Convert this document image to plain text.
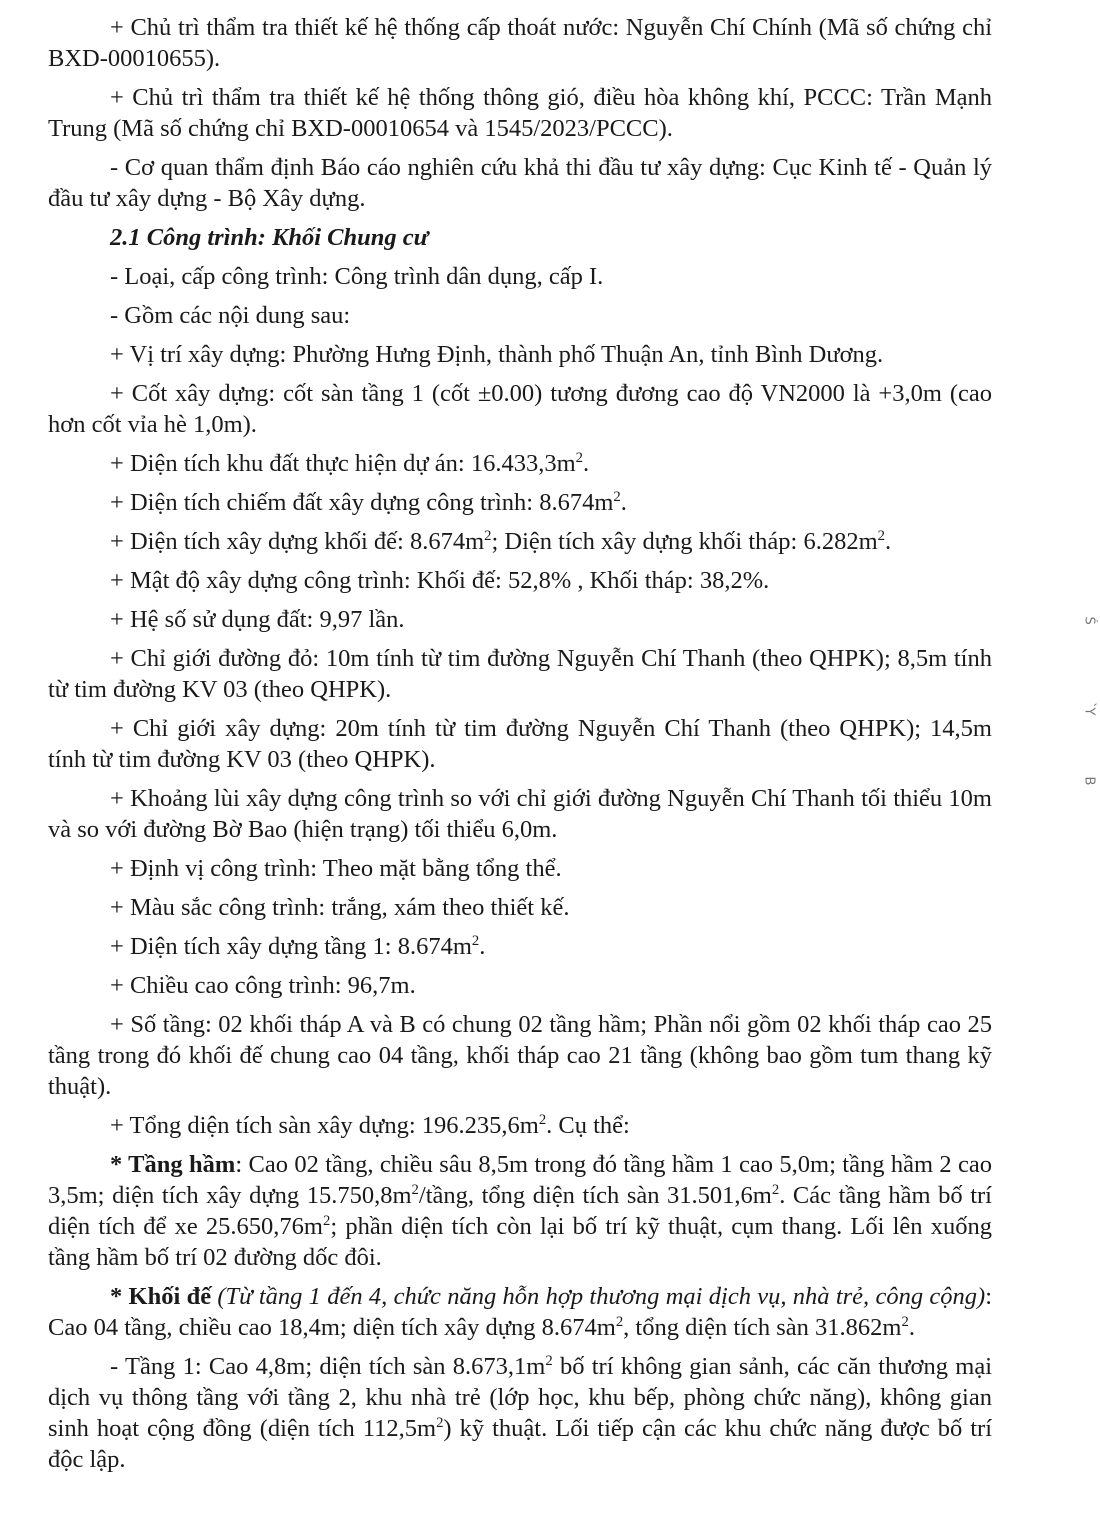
+ Chủ trì thẩm tra thiết kế hệ thống cấp thoát nước: Nguyễn Chí Chính (Mã số chứng chỉ BXD-00010655).

+ Chủ trì thẩm tra thiết kế hệ thống thông gió, điều hòa không khí, PCCC: Trần Mạnh Trung (Mã số chứng chỉ BXD-00010654 và 1545/2023/PCCC).

- Cơ quan thẩm định Báo cáo nghiên cứu khả thi đầu tư xây dựng: Cục Kinh tế - Quản lý đầu tư xây dựng - Bộ Xây dựng.

2.1 Công trình: Khối Chung cư

- Loại, cấp công trình: Công trình dân dụng, cấp I.

- Gồm các nội dung sau:

+ Vị trí xây dựng: Phường Hưng Định, thành phố Thuận An, tỉnh Bình Dương.

+ Cốt xây dựng: cốt sàn tầng 1 (cốt ±0.00) tương đương cao độ VN2000 là +3,0m (cao hơn cốt vỉa hè 1,0m).

+ Diện tích khu đất thực hiện dự án: $16.433,3m^2$.

+ Diện tích chiếm đất xây dựng công trình: $8.674m^2$.

+ Diện tích xây dựng khối đế: $8.674m^2$; Diện tích xây dựng khối tháp: $6.282m^2$.

+ Mật độ xây dựng công trình: Khối đế: 52,8% , Khối tháp: 38,2%.

+ Hệ số sử dụng đất: 9,97 lần.

+ Chỉ giới đường đỏ: 10m tính từ tim đường Nguyễn Chí Thanh (theo QHPK); 8,5m tính từ tim đường KV 03 (theo QHPK).

+ Chỉ giới xây dựng: 20m tính từ tim đường Nguyễn Chí Thanh (theo QHPK); 14,5m tính từ tim đường KV 03 (theo QHPK).

+ Khoảng lùi xây dựng công trình so với chỉ giới đường Nguyễn Chí Thanh tối thiểu 10m và so với đường Bờ Bao (hiện trạng) tối thiểu 6,0m.

+ Định vị công trình: Theo mặt bằng tổng thể.

+ Màu sắc công trình: trắng, xám theo thiết kế.

+ Diện tích xây dựng tầng 1: $8.674m^2$.

+ Chiều cao công trình: 96,7m.

+ Số tầng: 02 khối tháp A và B có chung 02 tầng hầm; Phần nổi gồm 02 khối tháp cao 25 tầng trong đó khối đế chung cao 04 tầng, khối tháp cao 21 tầng (không bao gồm tum thang kỹ thuật).

+ Tổng diện tích sàn xây dựng: $196.235,6m^2$. Cụ thể:

* Tầng hầm: Cao 02 tầng, chiều sâu 8,5m trong đó tầng hầm 1 cao 5,0m; tầng hầm 2 cao 3,5m; diện tích xây dựng $15.750,8m^2$/tầng, tổng diện tích sàn $31.501,6m^2$. Các tầng hầm bố trí diện tích để xe $25.650,76m^2$; phần diện tích còn lại bố trí kỹ thuật, cụm thang. Lối lên xuống tầng hầm bố trí 02 đường dốc đôi.

* Khối đế (Từ tầng 1 đến 4, chức năng hỗn hợp thương mại dịch vụ, nhà trẻ, công cộng): Cao 04 tầng, chiều cao 18,4m; diện tích xây dựng $8.674m^2$, tổng diện tích sàn $31.862m^2$.

- Tầng 1: Cao 4,8m; diện tích sàn $8.673,1m^2$ bố trí không gian sảnh, các căn thương mại dịch vụ thông tầng với tầng 2, khu nhà trẻ (lớp học, khu bếp, phòng chức năng), không gian sinh hoạt cộng đồng (diện tích $112,5m^2$) kỹ thuật. Lối tiếp cận các khu chức năng được bố trí độc lập.

Ś
̀Y
B
